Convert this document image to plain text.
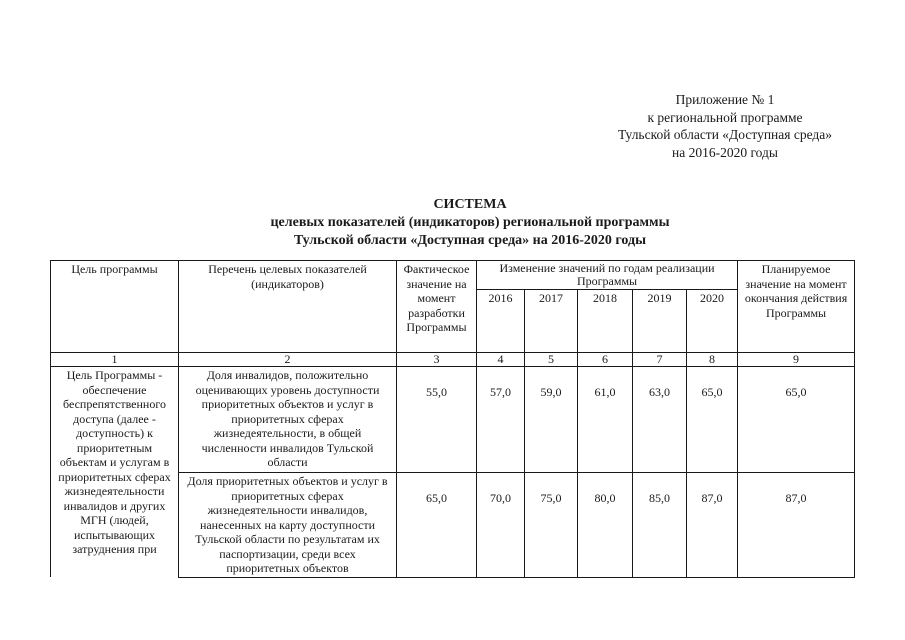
Приложение № 1
к региональной программе
Тульской области «Доступная среда»
на 2016-2020 годы
СИСТЕМА
целевых показателей (индикаторов) региональной программы
Тульской области «Доступная среда» на 2016-2020 годы
Цель программы	Перечень целевых показателей (индикаторов)	Фактическое значение на момент разработки Программы	Изменение значений по годам реализации Программы					Планируемое значение на момент окончания действия Программы
			2016	2017	2018	2019	2020	
1	2	3	4	5	6	7	8	9
Цель Программы - обеспечение беспрепятственного доступа (далее - доступность) к приоритетным объектам и услугам в приоритетных сферах жизнедеятельности инвалидов и других МГН (людей, испытывающих затруднения при	Доля инвалидов, положительно оценивающих уровень доступности приоритетных объектов и услуг в приоритетных сферах жизнедеятельности, в общей численности инвалидов Тульской области	55,0	57,0	59,0	61,0	63,0	65,0	65,0
	Доля приоритетных объектов и услуг в приоритетных сферах жизнедеятельности инвалидов, нанесенных на карту доступности Тульской области по результатам их паспортизации, среди всех приоритетных объектов	65,0	70,0	75,0	80,0	85,0	87,0	87,0
